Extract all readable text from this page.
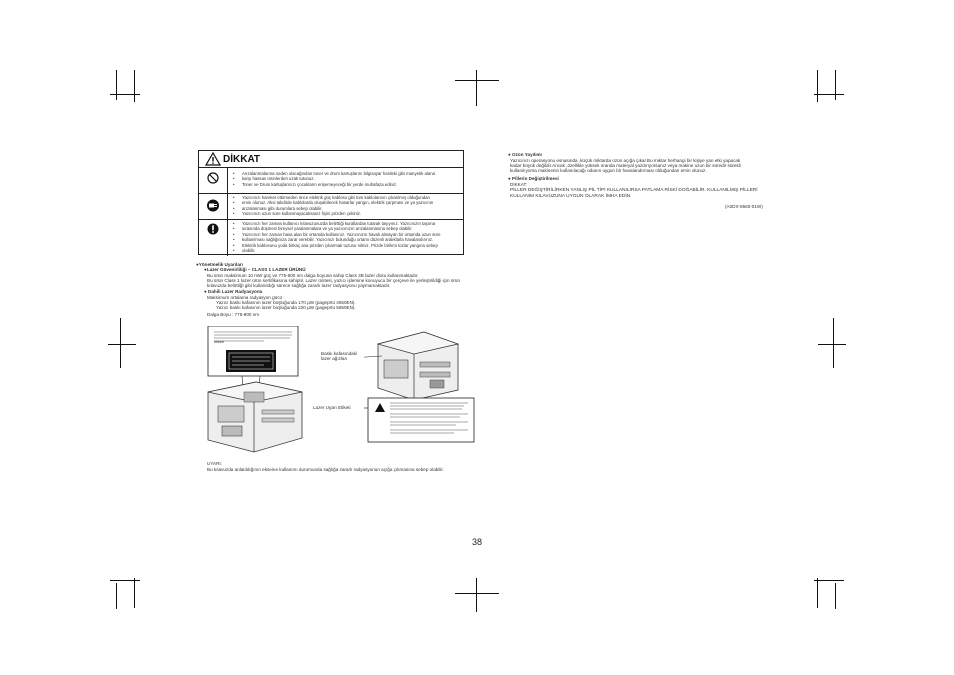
DİKKAT
• Arızalanmalarına neden olacağından toner ve drum kartuşlarını bilgisayar hardeki gibi manyetik alana
• karşı hassas ürünlerden uzak tutunuz.
• Toner ve Drum kartuşlarınızı çocukların erişemeyeceği bir yerde muhafaza ediniz.
• Yazıcınızı hareket ettirmeden önce elektrik güç kablosu gibi tüm kablolarının çıkarılmış olduğundan
• emin olunuz. Aksi takdirde kablolarda oluşabilecek hasarlar yangın, elektrik çarpması ve ya yazıcının
• arızalanması gibi durumlara sebep olabilir.
• Yazıcınızı uzun süre kullanmayacaksanız fişini prizden çekiniz.
• Yazıcınızı her zaman kullanıcı kılavuzunuzda belirttiği kurallardan tutarak taşıyınız. Yazıcınızın taşıma
• sırasında düşmesi bireysel yaralanmalara ve ya yazıcınızın arızalanmasına sebep olabilir.
• Yazıcınızı her zaman hava alan bir ortamda kullanınız. Yazıcınızın havalı almayan bir ortamda uzun süre
• kullanılması sağlığınıza zarar verebilir. Yazıcınızı bulunduğu ortamı düzenli aralıklarla havalandırınız.
• Elektrik kablosunu yoda birkaç ana prizden çıkarmak tuzunu nilmiz. Prizde birikmi tozlar yangına sebep
• olabilir.
●Yönetmelik Uyarıları
●Lazer Güvenirliliği – CLASS 1 LAZER ÜRÜNÜ
Bu ürün maksimum 10 mW güç ve 775-800 nm dalga boyuna sahip Class 3B lazer diotu kullanmaktadır.
Bu ürün Class 1 lazer ürün sertifikasına sahiptir. Lazer ünitesi, yazıcı işlemine konuyucu bir çerçeve ile yerleştirildiği için ürün
kılavuzda belirttiği gibi kullanıldığı sürece sağlığa zararlı lazer radyasyonu yaymamaktadır.
● Dahili Lazer Radyasyonu
Maksimum ortalama radyasyon gücü :
Yazıcı baskı kafasının lazer boşluğunda 170 µW (pageprto 4650EN).
Yazıcı baskı kafasının lazer boşluğunda 220 µW (pageprto 5650EN).
Dalga Boyu : 775-800 nm
etiketi
Baskı kafasındaki
lazer ağızları
Lazer Uyarı Etiketi
UYARI:
Bu kılavuzda anlatıldığının ekseine kullanımı durumunda sağlığa zararlı radyasyonun açığa çıkmasına sebep olabilir.
● Ozon Yayılımı
Yazıcınızı operasyonu esnasında ,küçük miktarda ozon açığa çıkar.Bu miktar herhangi bir kişiye yan etki yapacak
kadar büyük değildir.Ancak ,özellikle yüksek oranda materyal yazdırıyorsanız veya makine uzun bir süredir sürekli
kullanılıyorsa makinenin kullanılacağı odanın uygun bir havalandırması olduğundan emin olunuz.
● Pillerin Değiştirilmesi
DİKKAT:
PİLLER DEĞİŞTİRİLİRKEN YANLIŞ PİL TİPİ KULLANILIRSA PATLAMA RİSKİ DOĞABİLİR. KULLANILMIŞ PİLLERİ
KULLANIM KILAVUZUNA UYGUN OLARAK İMHA EDİN.
(A0DX-9560-01W)
38
